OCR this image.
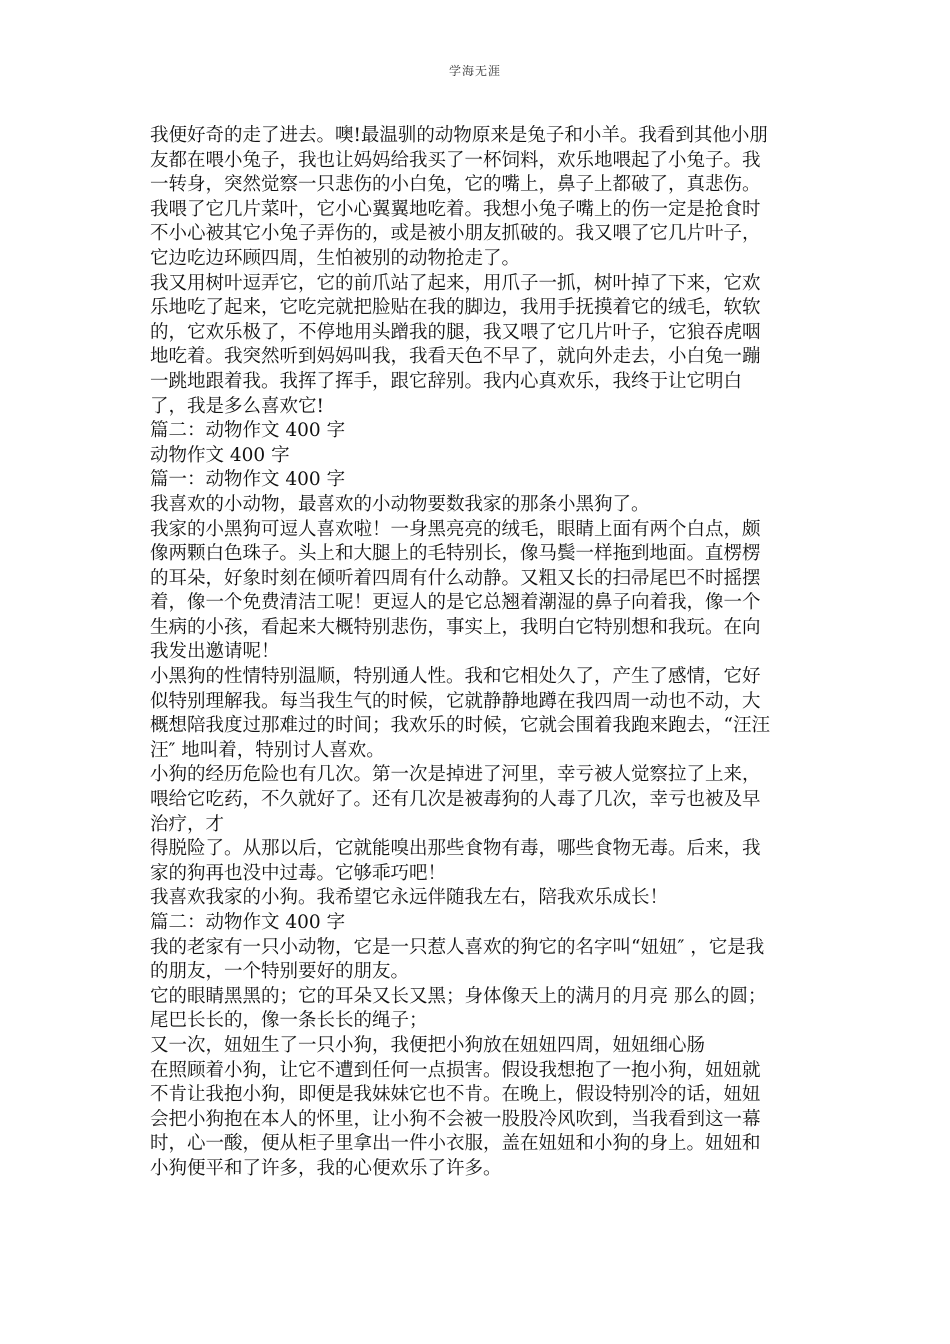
学海无涯

我便好奇的走了进去。噢!最温驯的动物原来是兔子和小羊。我看到其他小朋

友都在喂小兔子，我也让妈妈给我买了一杯饲料，欢乐地喂起了小兔子。我

一转身，突然觉察一只悲伤的小白兔，它的嘴上，鼻子上都破了，真悲伤。

我喂了它几片菜叶，它小心翼翼地吃着。我想小兔子嘴上的伤一定是抢食时

不小心被其它小兔子弄伤的，或是被小朋友抓破的。我又喂了它几片叶子，

它边吃边环顾四周，生怕被别的动物抢走了。

我又用树叶逗弄它，它的前爪站了起来，用爪子一抓，树叶掉了下来，它欢

乐地吃了起来，它吃完就把脸贴在我的脚边，我用手抚摸着它的绒毛，软软

的，它欢乐极了，不停地用头蹭我的腿，我又喂了它几片叶子，它狼吞虎咽

地吃着。我突然听到妈妈叫我，我看天色不早了，就向外走去，小白兔一蹦

一跳地跟着我。我挥了挥手，跟它辞别。我内心真欢乐，我终于让它明白

了，我是多么喜欢它!

篇二：动物作文 400 字

动物作文 400 字

篇一：动物作文 400 字

我喜欢的小动物，最喜欢的小动物要数我家的那条小黑狗了。

我家的小黑狗可逗人喜欢啦！一身黑亮亮的绒毛，眼睛上面有两个白点，颇

像两颗白色珠子。头上和大腿上的毛特别长，像马鬓一样拖到地面。直楞楞

的耳朵，好象时刻在倾听着四周有什么动静。又粗又长的扫帚尾巴不时摇摆

着，像一个免费清洁工呢！更逗人的是它总翘着潮湿的鼻子向着我，像一个

生病的小孩，看起来大概特别悲伤，事实上，我明白它特别想和我玩。在向

我发出邀请呢！

小黑狗的性情特别温顺，特别通人性。我和它相处久了，产生了感情，它好

似特别理解我。每当我生气的时候，它就静静地蹲在我四周一动也不动，大

概想陪我度过那难过的时间；我欢乐的时候，它就会围着我跑来跑去，“汪汪

汪″ 地叫着，特别讨人喜欢。

小狗的经历危险也有几次。第一次是掉进了河里，幸亏被人觉察拉了上来，

喂给它吃药，不久就好了。还有几次是被毒狗的人毒了几次，幸亏也被及早

治疗，才

得脱险了。从那以后，它就能嗅出那些食物有毒，哪些食物无毒。后来，我

家的狗再也没中过毒。它够乖巧吧！

我喜欢我家的小狗。我希望它永远伴随我左右，陪我欢乐成长！

篇二：动物作文 400 字

我的老家有一只小动物，它是一只惹人喜欢的狗它的名字叫“妞妞″ ，它是我

的朋友，一个特别要好的朋友。

它的眼睛黑黑的；它的耳朵又长又黑；身体像天上的满月的月亮 那么的圆；

尾巴长长的，像一条长长的绳子；

又一次，妞妞生了一只小狗，我便把小狗放在妞妞四周，妞妞细心肠

在照顾着小狗，让它不遭到任何一点损害。假设我想抱了一抱小狗，妞妞就

不肯让我抱小狗，即便是我妹妹它也不肯。在晚上，假设特别冷的话，妞妞

会把小狗抱在本人的怀里，让小狗不会被一股股冷风吹到，当我看到这一幕

时，心一酸，便从柜子里拿出一件小衣服，盖在妞妞和小狗的身上。妞妞和

小狗便平和了许多，我的心便欢乐了许多。
